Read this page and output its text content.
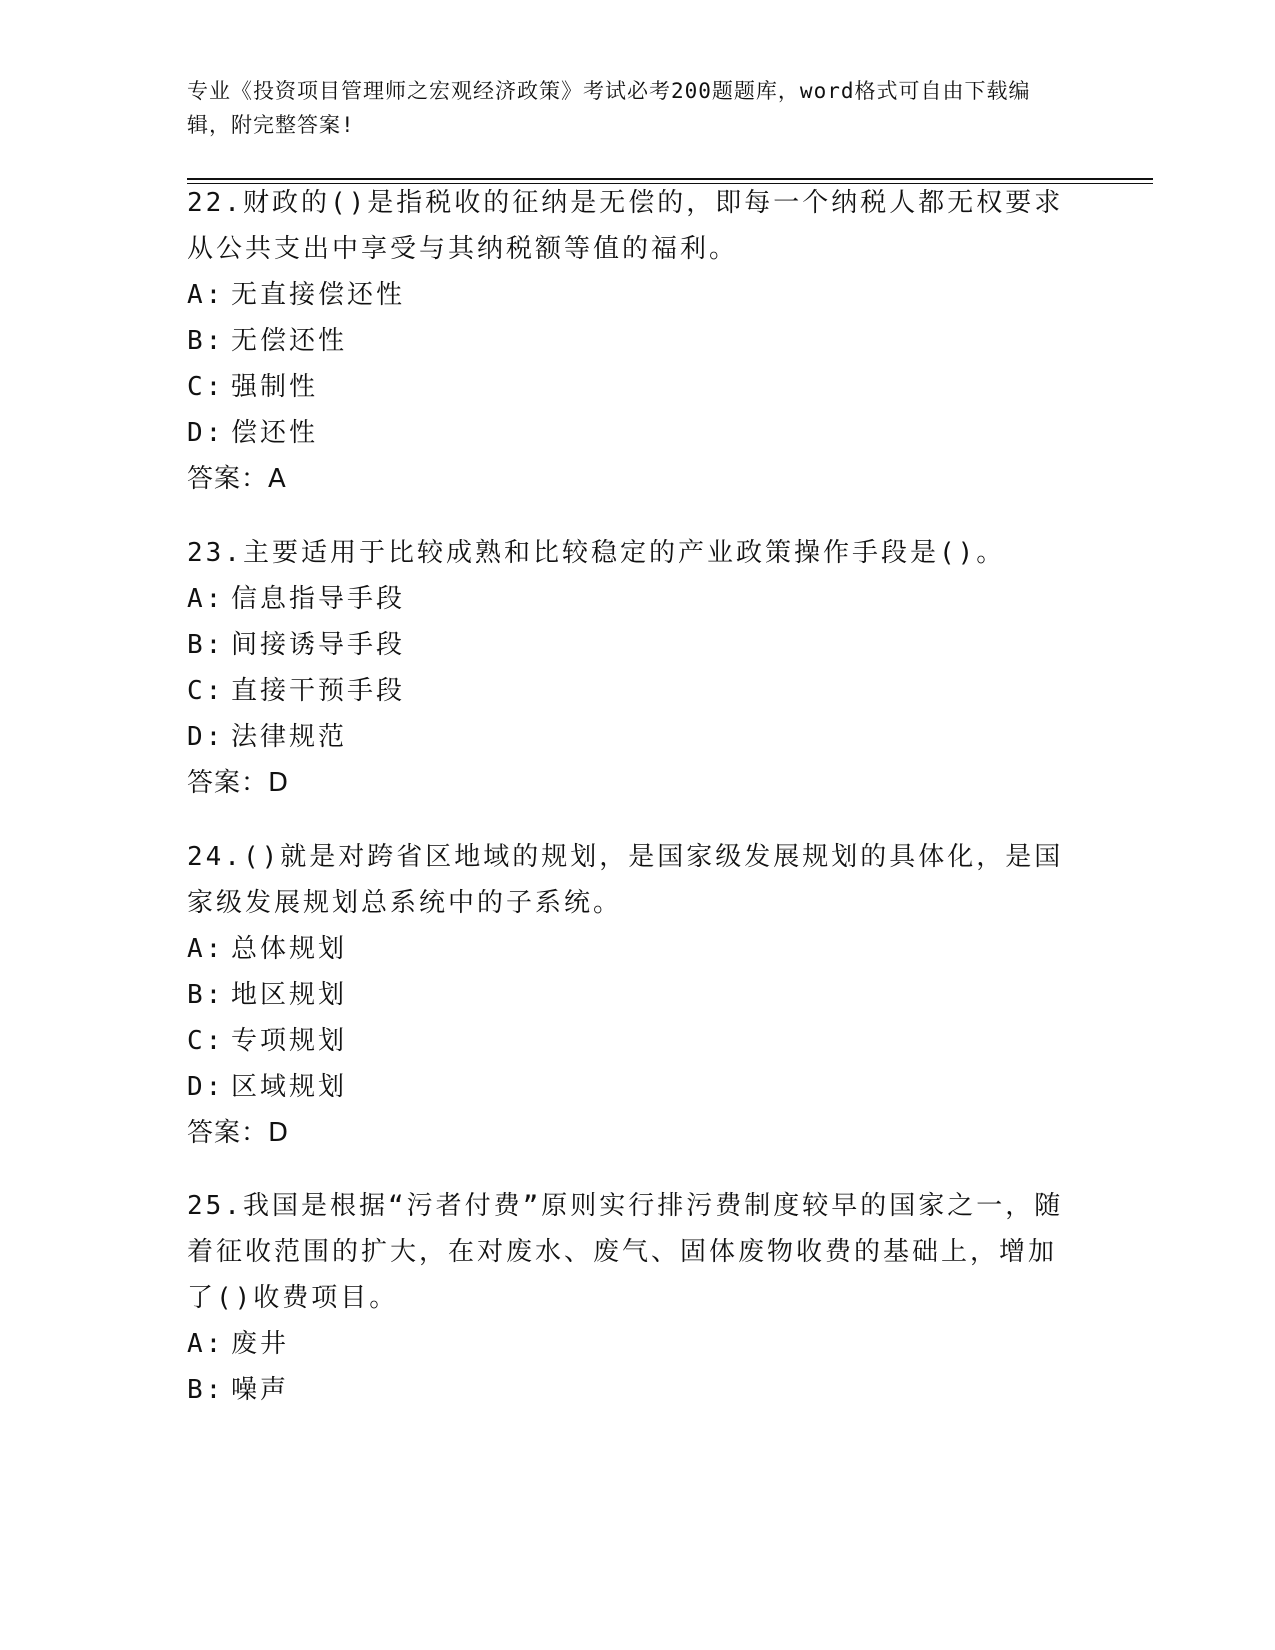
专业《投资项目管理师之宏观经济政策》考试必考200题题库，word格式可自由下载编辑，附完整答案!

22.财政的()是指税收的征纳是无偿的，即每一个纳税人都无权要求从公共支出中享受与其纳税额等值的福利。

A: 无直接偿还性

B: 无偿还性

C: 强制性

D: 偿还性

答案：A

23.主要适用于比较成熟和比较稳定的产业政策操作手段是()。

A: 信息指导手段

B: 间接诱导手段

C: 直接干预手段

D: 法律规范

答案：D

24.()就是对跨省区地域的规划，是国家级发展规划的具体化，是国家级发展规划总系统中的子系统。

A: 总体规划

B: 地区规划

C: 专项规划

D: 区域规划

答案：D

25.我国是根据“污者付费”原则实行排污费制度较早的国家之一，随着征收范围的扩大，在对废水、废气、固体废物收费的基础上，增加了()收费项目。

A: 废井

B: 噪声
